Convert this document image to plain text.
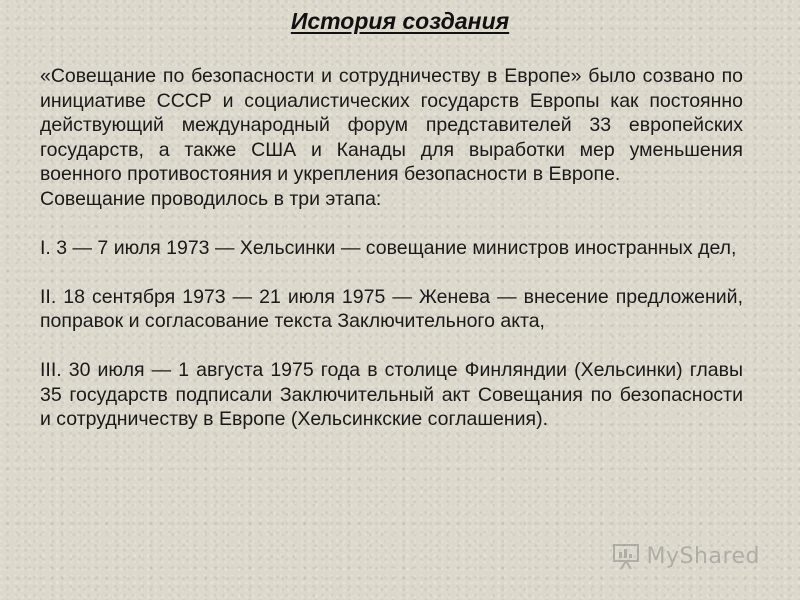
История создания

«Совещание по безопасности и сотрудничеству в Европе» было созвано по инициативе СССР и социалистических государств Европы как постоянно действующий международный форум представителей 33 европейских государств, а также США и Канады для выработки мер уменьшения военного противостояния и укрепления безопасности в Европе.

Совещание проводилось в три этапа:

I. 3 — 7 июля 1973 — Хельсинки — совещание министров иностранных дел,

II. 18 сентября 1973 — 21 июля 1975 — Женева — внесение предложений, поправок и согласование текста Заключительного акта,

III. 30 июля — 1 августа 1975 года в столице Финляндии (Хельсинки) главы 35 государств подписали Заключительный акт Совещания по безопасности и сотрудничеству в Европе (Хельсинкские соглашения).

MyShared
